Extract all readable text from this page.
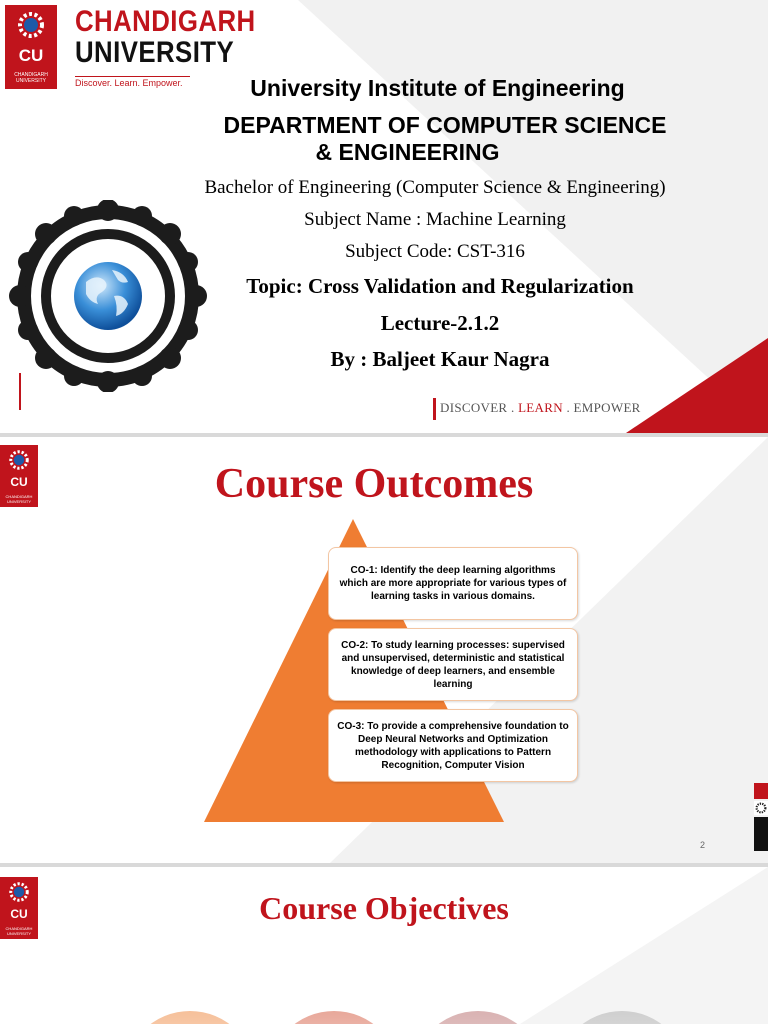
CU
CHANDIGARH
UNIVERSITY
CHANDIGARH
UNIVERSITY
Discover. Learn. Empower.	University Institute of Engineering
DEPARTMENT OF COMPUTER SCIENCE
& ENGINEERING
Bachelor of Engineering (Computer Science & Engineering)
Subject Name : Machine Learning
Subject Code: CST-316
Topic: Cross Validation and Regularization
Lecture-2.1.2
By : Baljeet Kaur Nagra
DISCOVER . LEARN . EMPOWER
CU
CHANDIGARH
UNIVERSITY	Course Outcomes
CO-1: Identify the deep learning algorithms which are more appropriate for various types of learning tasks in various domains.
CO-2: To study learning processes: supervised and unsupervised, deterministic and statistical knowledge of deep learners, and ensemble learning
CO-3: To provide a comprehensive foundation to Deep Neural Networks and Optimization methodology with applications to Pattern Recognition, Computer Vision
2
CU
CHANDIGARH
UNIVERSITY
Course Objectives
